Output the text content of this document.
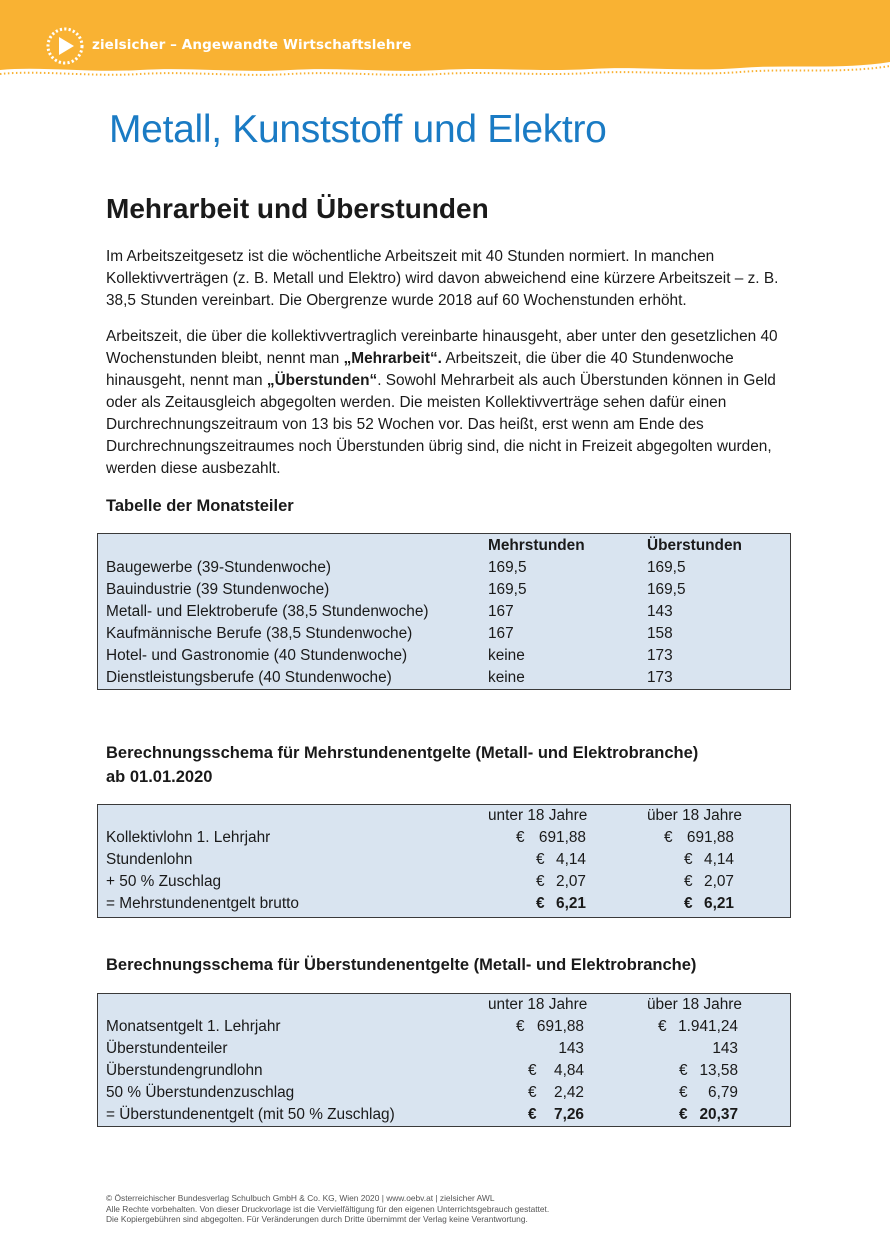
zielsicher – Angewandte Wirtschaftslehre
Metall, Kunststoff und Elektro
Mehrarbeit und Überstunden

Im Arbeitszeitgesetz ist die wöchentliche Arbeitszeit mit 40 Stunden normiert. In manchen Kollektivverträgen (z. B. Metall und Elektro) wird davon abweichend eine kürzere Arbeitszeit – z. B. 38,5 Stunden vereinbart. Die Obergrenze wurde 2018 auf 60 Wochenstunden erhöht.

Arbeitszeit, die über die kollektivvertraglich vereinbarte hinausgeht, aber unter den gesetzlichen 40 Wochenstunden bleibt, nennt man „Mehrarbeit“. Arbeitszeit, die über die 40 Stundenwoche hinausgeht, nennt man „Überstunden“. Sowohl Mehrarbeit als auch Überstunden können in Geld oder als Zeitausgleich abgegolten werden. Die meisten Kollektivverträge sehen dafür einen Durchrechnungszeitraum von 13 bis 52 Wochen vor. Das heißt, erst wenn am Ende des Durchrechnungszeitraumes noch Überstunden übrig sind, die nicht in Freizeit abgegolten wurden, werden diese ausbezahlt.

Tabelle der Monatsteiler
Mehrstunden	Überstunden
Baugewerbe (39-Stundenwoche)	169,5	169,5
Bauindustrie (39 Stundenwoche)	169,5	169,5
Metall- und Elektroberufe (38,5 Stundenwoche)	167	143
Kaufmännische Berufe (38,5 Stundenwoche)	167	158
Hotel- und Gastronomie (40 Stundenwoche)	keine	173
Dienstleistungsberufe (40 Stundenwoche)	keine	173
Berechnungsschema für Mehrstundenentgelte (Metall- und Elektrobranche)
ab 01.01.2020
unter 18 Jahre	über 18 Jahre
Kollektivlohn 1. Lehrjahr	€ 691,88	€ 691,88
Stundenlohn	€ 4,14	€ 4,14
+ 50 % Zuschlag	€ 2,07	€ 2,07
= Mehrstundenentgelt brutto	€ 6,21	€ 6,21
Berechnungsschema für Überstundenentgelte (Metall- und Elektrobranche)
unter 18 Jahre	über 18 Jahre
Monatsentgelt 1. Lehrjahr	€ 691,88	€ 1.941,24
Überstundenteiler	143	143
Überstundengrundlohn	€ 4,84	€ 13,58
50 % Überstundenzuschlag	€ 2,42	€ 6,79
= Überstundenentgelt (mit 50 % Zuschlag)	€ 7,26	€ 20,37
© Österreichischer Bundesverlag Schulbuch GmbH & Co. KG, Wien 2020 | www.oebv.at | zielsicher AWL
Alle Rechte vorbehalten. Von dieser Druckvorlage ist die Vervielfältigung für den eigenen Unterrichtsgebrauch gestattet.
Die Kopiergebühren sind abgegolten. Für Veränderungen durch Dritte übernimmt der Verlag keine Verantwortung.
